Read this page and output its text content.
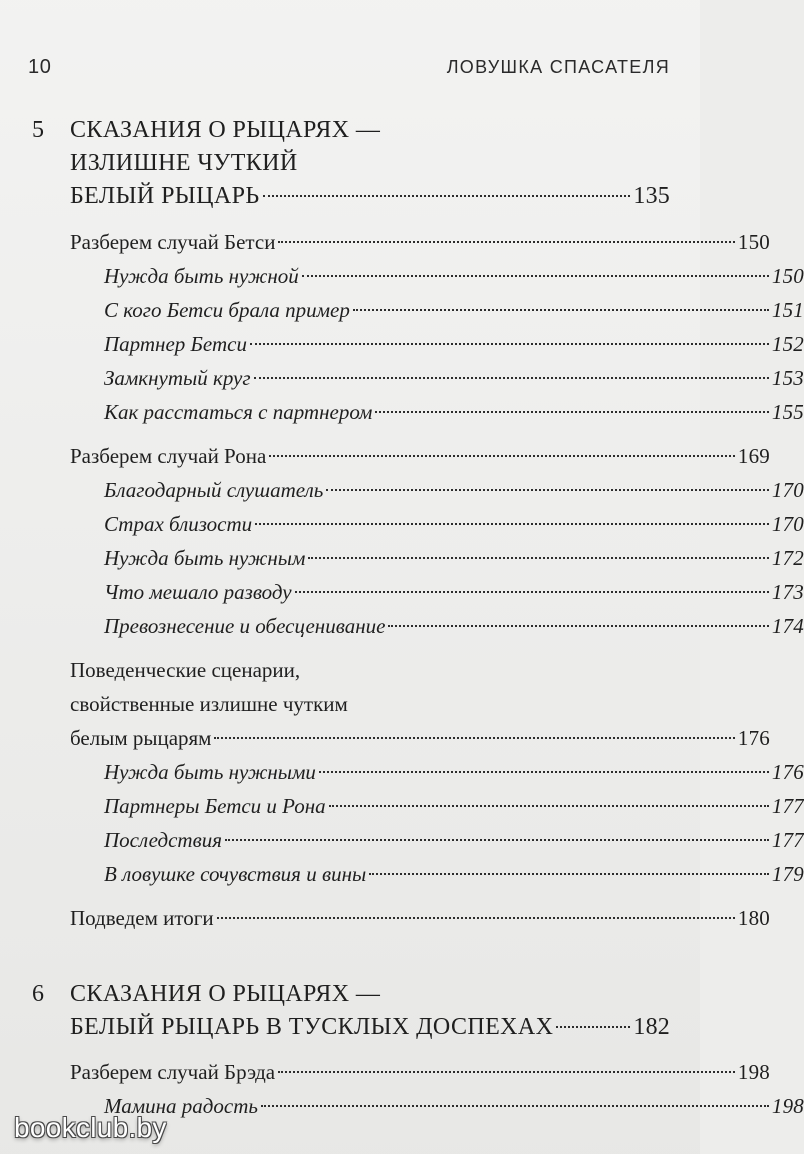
10	ЛОВУШКА СПАСАТЕЛЯ
5	СКАЗАНИЯ О РЫЦАРЯХ —
ИЗЛИШНЕ ЧУТКИЙ
БЕЛЫЙ РЫЦАРЬ	135
Разберем случай Бетси	150
Нужда быть нужной	150
С кого Бетси брала пример	151
Партнер Бетси	152
Замкнутый круг	153
Как расстаться с партнером	155
Разберем случай Рона	169
Благодарный слушатель	170
Страх близости	170
Нужда быть нужным	172
Что мешало разводу	173
Превознесение и обесценивание	174
Поведенческие сценарии,
свойственные излишне чутким
белым рыцарям	176
Нужда быть нужными	176
Партнеры Бетси и Рона	177
Последствия	177
В ловушке сочувствия и вины	179
Подведем итоги	180
6	СКАЗАНИЯ О РЫЦАРЯХ —
БЕЛЫЙ РЫЦАРЬ В ТУСКЛЫХ ДОСПЕХАХ	182
Разберем случай Брэда	198
Мамина радость	198
bookclub.by
